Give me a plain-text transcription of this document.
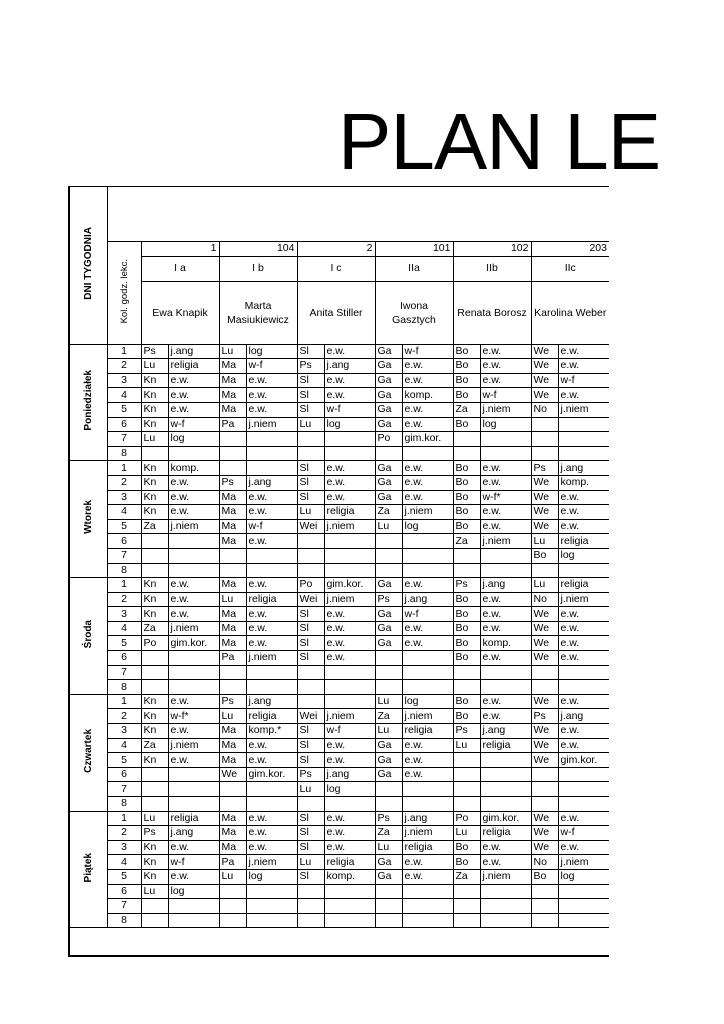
PLAN LE
DNI TYGODNIA													
	Kol. godz. lekc.		1		104		2		101		102		203
		I a		I b		I c		IIa		IIb		IIc	
		Ewa Knapik		Marta Masiukiewicz		Anita Stiller		Iwona Gasztych		Renata Borosz		Karolina Weber	
Poniedziałek	1	Ps	j.ang	Lu	log	Sl	e.w.	Ga	w-f	Bo	e.w.	We	e.w.
	2	Lu	religia	Ma	w-f	Ps	j.ang	Ga	e.w.	Bo	e.w.	We	e.w.
	3	Kn	e.w.	Ma	e.w.	Sl	e.w.	Ga	e.w.	Bo	e.w.	We	w-f
	4	Kn	e.w.	Ma	e.w.	Sl	e.w.	Ga	komp.	Bo	w-f	We	e.w.
	5	Kn	e.w.	Ma	e.w.	Sl	w-f	Ga	e.w.	Za	j.niem	No	j.niem
	6	Kn	w-f	Pa	j.niem	Lu	log	Ga	e.w.	Bo	log		
	7	Lu	log					Po	gim.kor.				
	8												
Wtorek	1	Kn	komp.			Sl	e.w.	Ga	e.w.	Bo	e.w.	Ps	j.ang
	2	Kn	e.w.	Ps	j.ang	Sl	e.w.	Ga	e.w.	Bo	e.w.	We	komp.
	3	Kn	e.w.	Ma	e.w.	Sl	e.w.	Ga	e.w.	Bo	w-f*	We	e.w.
	4	Kn	e.w.	Ma	e.w.	Lu	religia	Za	j.niem	Bo	e.w.	We	e.w.
	5	Za	j.niem	Ma	w-f	Wei	j.niem	Lu	log	Bo	e.w.	We	e.w.
	6			Ma	e.w.					Za	j.niem	Lu	religia
	7											Bo	log
	8												
Środa	1	Kn	e.w.	Ma	e.w.	Po	gim.kor.	Ga	e.w.	Ps	j.ang	Lu	religia
	2	Kn	e.w.	Lu	religia	Wei	j.niem	Ps	j.ang	Bo	e.w.	No	j.niem
	3	Kn	e.w.	Ma	e.w.	Sl	e.w.	Ga	w-f	Bo	e.w.	We	e.w.
	4	Za	j.niem	Ma	e.w.	Sl	e.w.	Ga	e.w.	Bo	e.w.	We	e.w.
	5	Po	gim.kor.	Ma	e.w.	Sl	e.w.	Ga	e.w.	Bo	komp.	We	e.w.
	6			Pa	j.niem	Sl	e.w.			Bo	e.w.	We	e.w.
	7												
	8												
Czwartek	1	Kn	e.w.	Ps	j.ang			Lu	log	Bo	e.w.	We	e.w.
	2	Kn	w-f*	Lu	religia	Wei	j.niem	Za	j.niem	Bo	e.w.	Ps	j.ang
	3	Kn	e.w.	Ma	komp.*	Sl	w-f	Lu	religia	Ps	j.ang	We	e.w.
	4	Za	j.niem	Ma	e.w.	Sl	e.w.	Ga	e.w.	Lu	religia	We	e.w.
	5	Kn	e.w.	Ma	e.w.	Sl	e.w.	Ga	e.w.			We	gim.kor.
	6			We	gim.kor.	Ps	j.ang	Ga	e.w.				
	7					Lu	log						
	8												
Piątek	1	Lu	religia	Ma	e.w.	Sl	e.w.	Ps	j.ang	Po	gim.kor.	We	e.w.
	2	Ps	j.ang	Ma	e.w.	Sl	e.w.	Za	j.niem	Lu	religia	We	w-f
	3	Kn	e.w.	Ma	e.w.	Sl	e.w.	Lu	religia	Bo	e.w.	We	e.w.
	4	Kn	w-f	Pa	j.niem	Lu	religia	Ga	e.w.	Bo	e.w.	No	j.niem
	5	Kn	e.w.	Lu	log	Sl	komp.	Ga	e.w.	Za	j.niem	Bo	log
	6	Lu	log										
	7												
	8												
